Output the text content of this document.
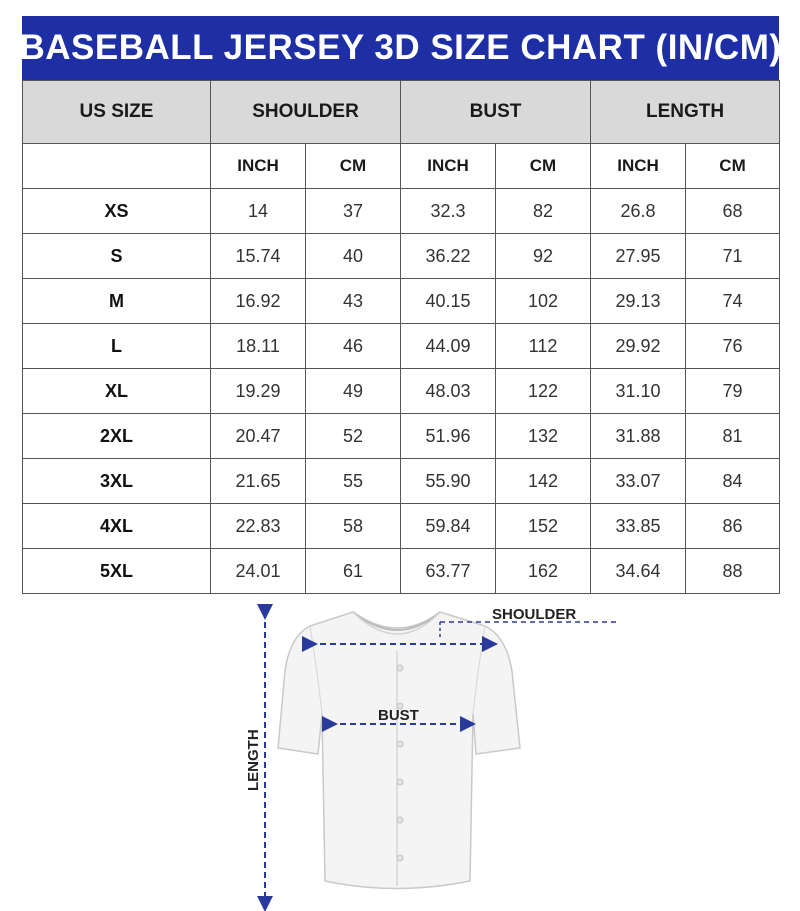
BASEBALL JERSEY 3D SIZE CHART (IN/CM)
US SIZE	SHOULDER		BUST		LENGTH	
	INCH	CM	INCH	CM	INCH	CM
XS	14	37	32.3	82	26.8	68
S	15.74	40	36.22	92	27.95	71
M	16.92	43	40.15	102	29.13	74
L	18.11	46	44.09	112	29.92	76
XL	19.29	49	48.03	122	31.10	79
2XL	20.47	52	51.96	132	31.88	81
3XL	21.65	55	55.90	142	33.07	84
4XL	22.83	58	59.84	152	33.85	86
5XL	24.01	61	63.77	162	34.64	88
SHOULDER
BUST
LENGTH
